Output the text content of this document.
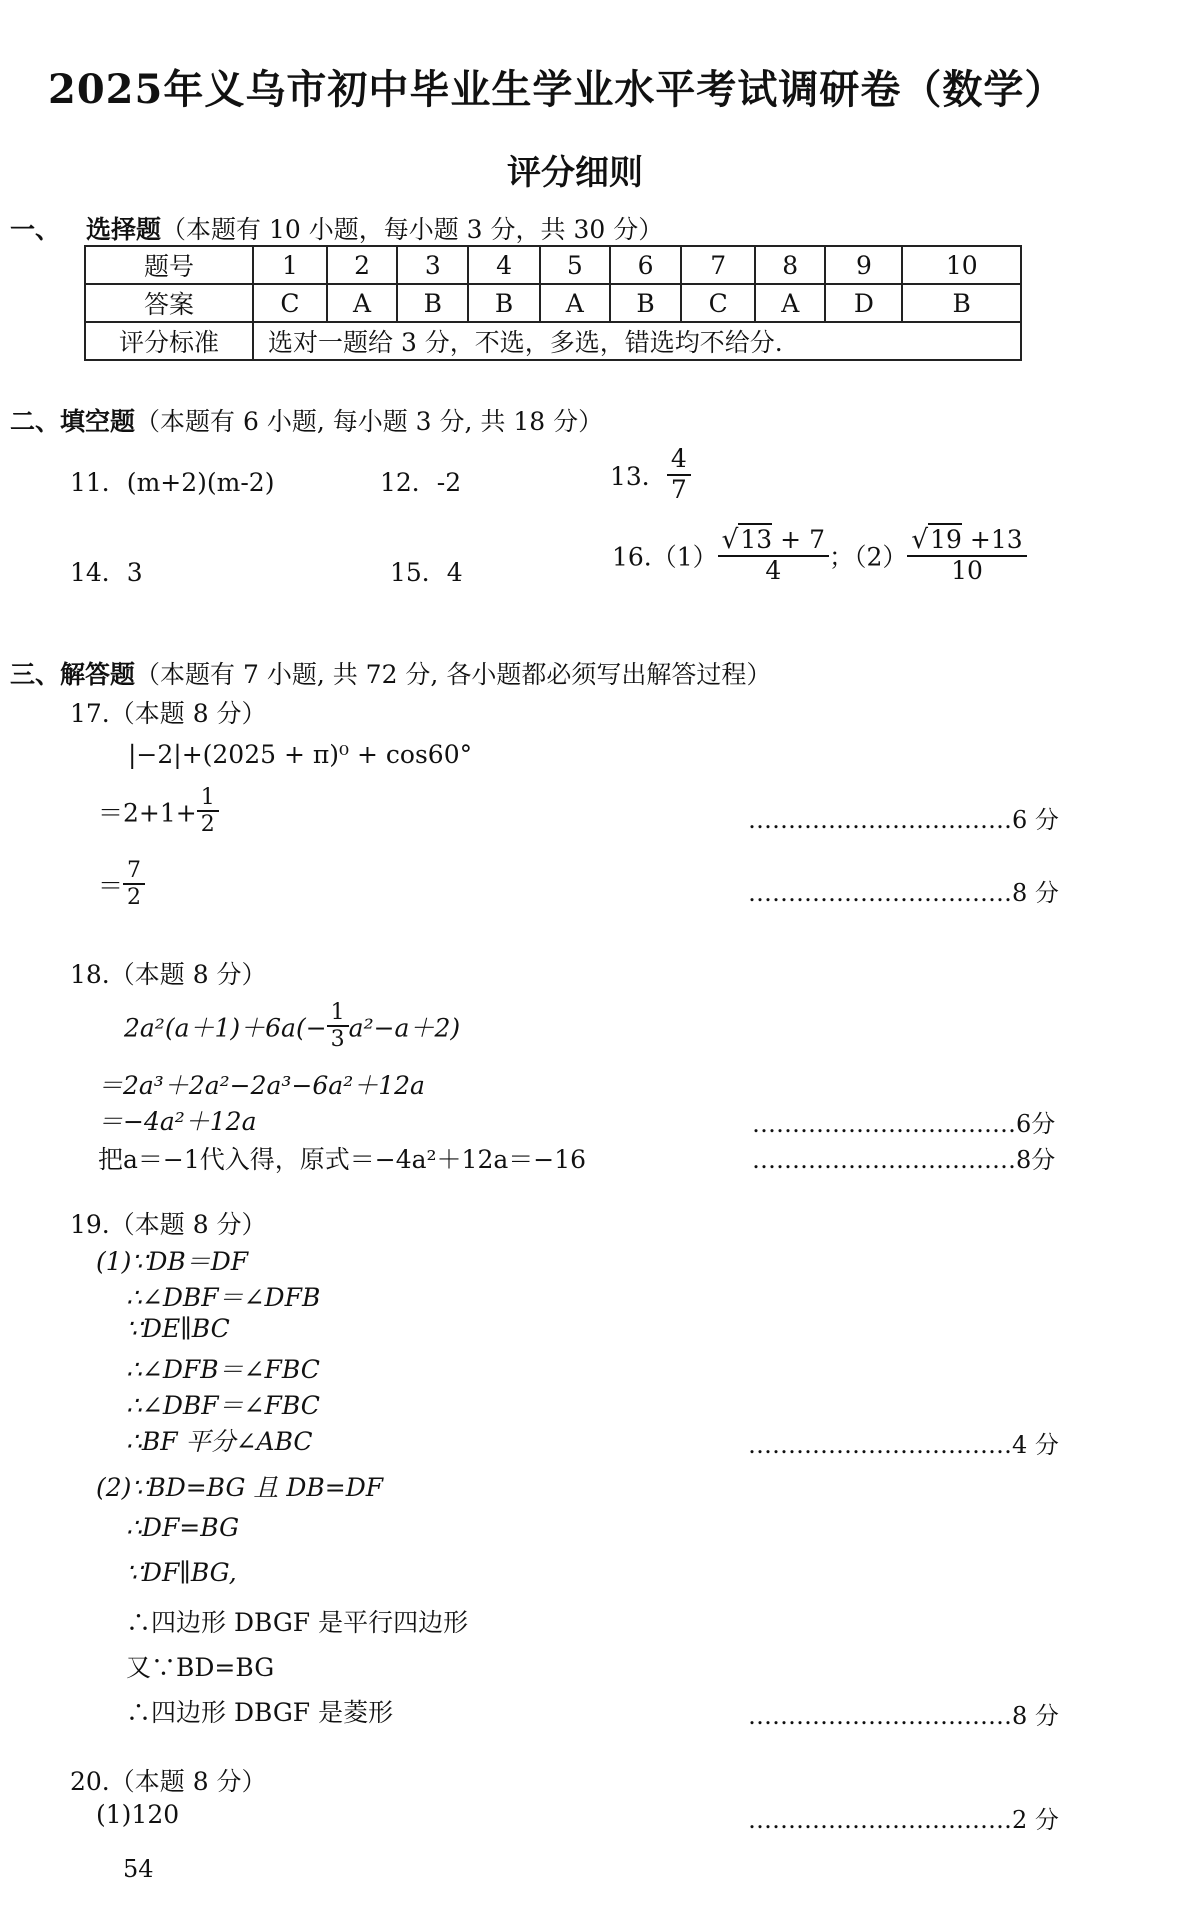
2025年义乌市初中毕业生学业水平考试调研卷（数学）
评分细则
一、 选择题（本题有 10 小题，每小题 3 分，共 30 分）
题号	1	2	3	4	5	6	7	8	9	10
答案	C	A	B	B	A	B	C	A	D	B
评分标准	选对一题给 3 分，不选，多选，错选均不给分.									
二、填空题（本题有 6 小题, 每小题 3 分, 共 18 分）
11．(m+2)(m-2)	12．-2	13． $\frac{4}{7}$
14．3	15．4
$16.(1) \frac{√13 + 7}{4}$ ；$(2) \frac{√19 +13}{10}$
三、解答题（本题有 7 小题, 共 72 分, 各小题都必须写出解答过程）
17.（本题 8 分）
|−2|+(2025 + π)⁰ + cos60°
$=2+1+ \frac{1}{2}$	……………………………6 分
＝ $\frac{7}{2}$	……………………………8 分
18.（本题 8 分）
$2a^2(a+1)+6a(- \frac{1}{3} a^2-a+2)$
＝2a³＋2a²−2a³−6a²＋12a
＝−4a²＋12a	……………………………6分
把a＝−1代入得，原式＝−4a²＋12a＝−16	……………………………8分
19.（本题 8 分）
(1)∵DB＝DF
∴∠DBF＝∠DFB
∵DE∥BC
∴∠DFB＝∠FBC
∴∠DBF＝∠FBC
∴BF 平分∠ABC	……………………………4 分
(2)∵BD=BG 且 DB=DF
∴DF=BG
∵DF∥BG,
∴四边形 DBGF 是平行四边形
又∵BD=BG
∴四边形 DBGF 是菱形	……………………………8 分
20.（本题 8 分）
(1)120	……………………………2 分
54
